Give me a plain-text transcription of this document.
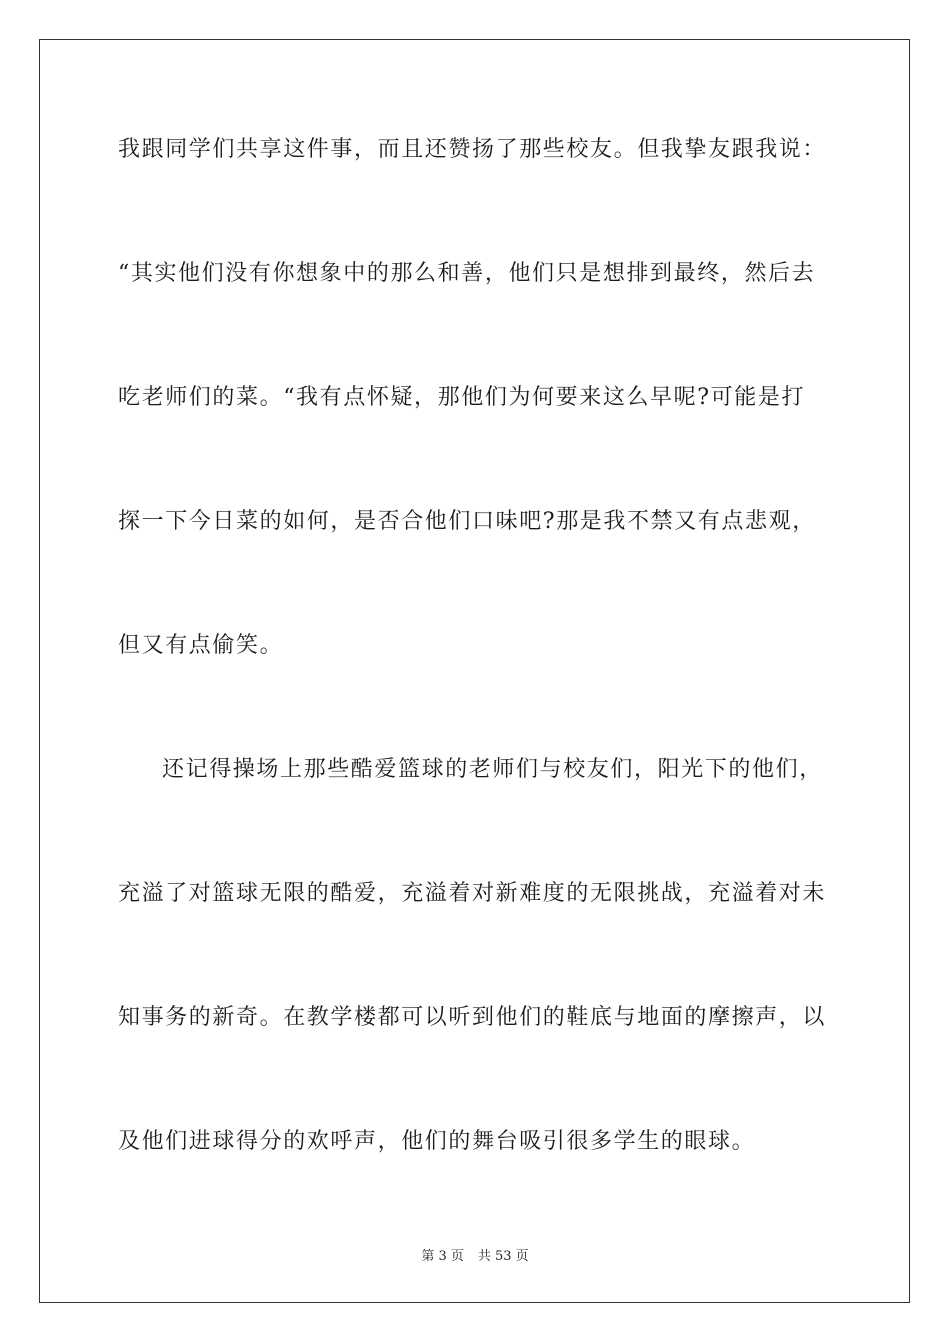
我跟同学们共享这件事，而且还赞扬了那些校友。但我挚友跟我说：
“其实他们没有你想象中的那么和善，他们只是想排到最终，然后去
吃老师们的菜。“我有点怀疑，那他们为何要来这么早呢?可能是打
探一下今日菜的如何，是否合他们口味吧?那是我不禁又有点悲观，
但又有点偷笑。
还记得操场上那些酷爱篮球的老师们与校友们，阳光下的他们，
充溢了对篮球无限的酷爱，充溢着对新难度的无限挑战，充溢着对未
知事务的新奇。在教学楼都可以听到他们的鞋底与地面的摩擦声，以
及他们进球得分的欢呼声，他们的舞台吸引很多学生的眼球。
第 3 页 共 53 页
